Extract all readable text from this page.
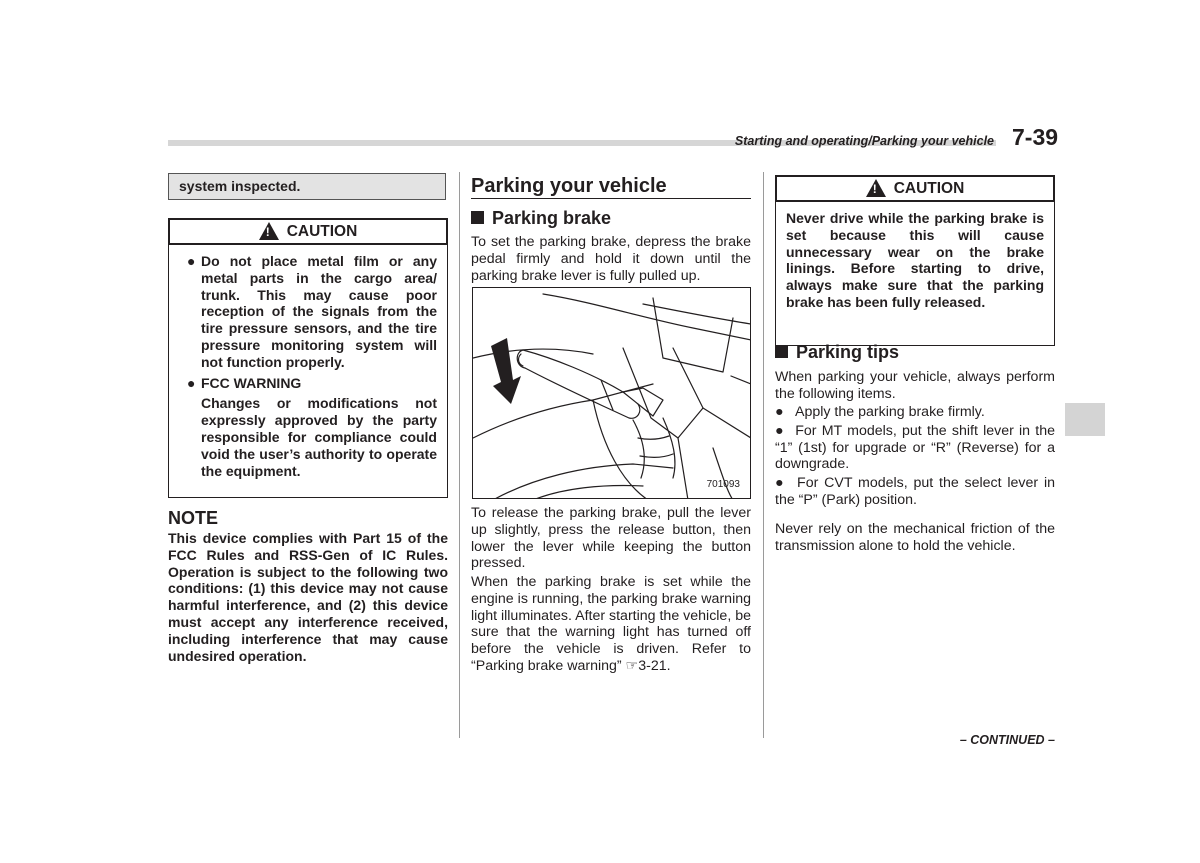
Starting and operating/Parking your vehicle 7-39
system inspected.
!
CAUTION
● Do not place metal film or any metal parts in the cargo area/ trunk. This may cause poor reception of the signals from the tire pressure sensors, and the tire pressure monitoring system will not function properly.
● FCC WARNING
Changes or modifications not expressly approved by the party responsible for compliance could void the user’s authority to operate the equipment.
NOTE
This device complies with Part 15 of the FCC Rules and RSS-Gen of IC Rules. Operation is subject to the following two conditions: (1) this device may not cause harmful interference, and (2) this device must accept any interference received, including interference that may cause undesired operation.
Parking your vehicle
Parking brake
To set the parking brake, depress the brake pedal firmly and hold it down until the parking brake lever is fully pulled up.
701093
To release the parking brake, pull the lever up slightly, press the release button, then lower the lever while keeping the button pressed.
When the parking brake is set while the engine is running, the parking brake warning light illuminates. After starting the vehicle, be sure that the warning light has turned off before the vehicle is driven. Refer to “Parking brake warning” ☞3-21.
!
CAUTION
Never drive while the parking brake is set because this will cause unnecessary wear on the brake linings. Before starting to drive, always make sure that the parking brake has been fully released.
Parking tips
When parking your vehicle, always perform the following items.
● Apply the parking brake firmly.
● For MT models, put the shift lever in the “1” (1st) for upgrade or “R” (Reverse) for a downgrade.
● For CVT models, put the select lever in the “P” (Park) position.
Never rely on the mechanical friction of the transmission alone to hold the vehicle.
– CONTINUED –
